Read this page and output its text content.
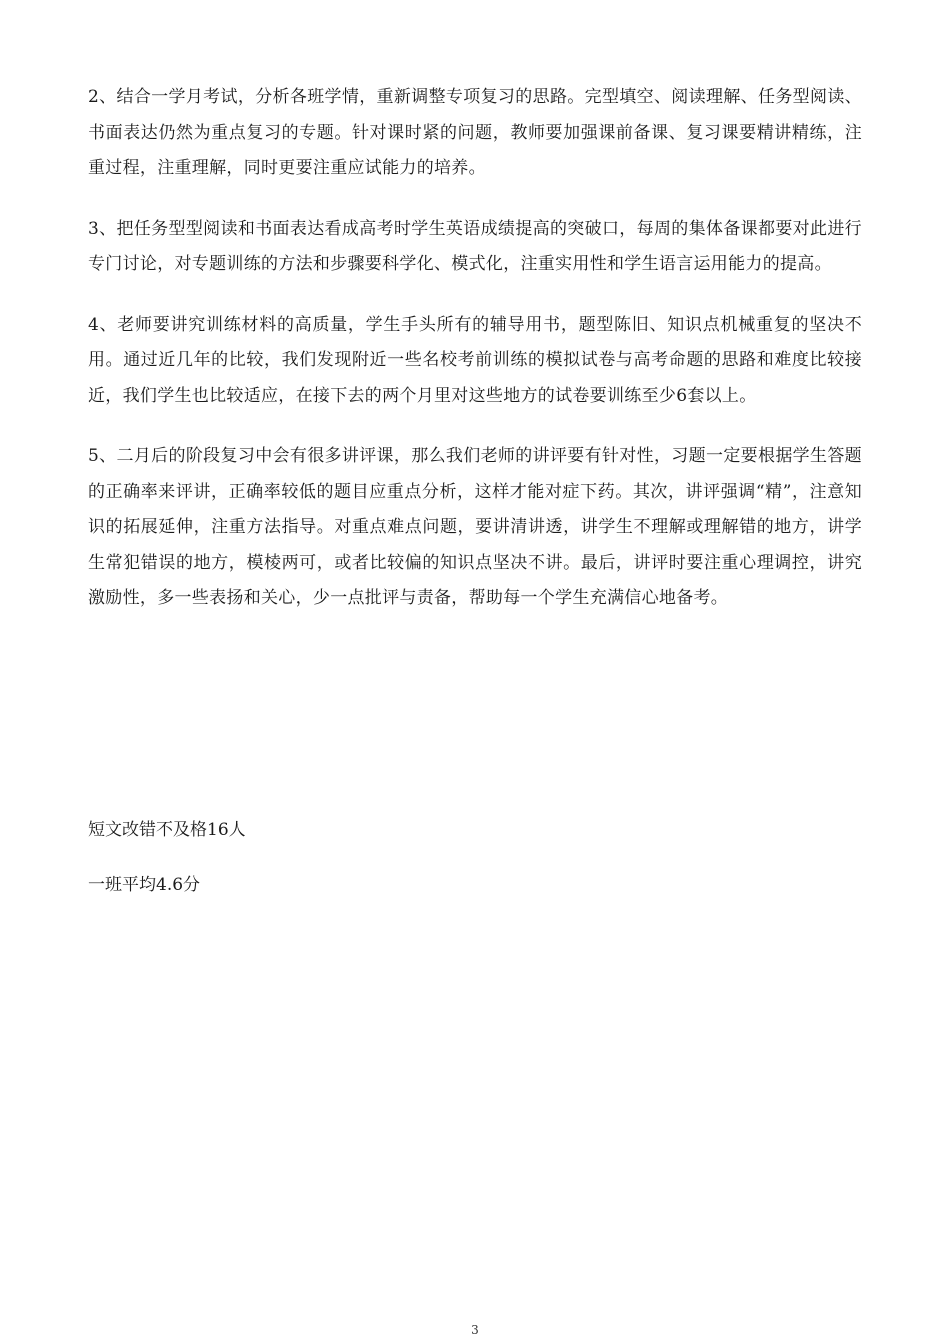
2、结合一学月考试，分析各班学情，重新调整专项复习的思路。完型填空、阅读理解、任务型阅读、书面表达仍然为重点复习的专题。针对课时紧的问题，教师要加强课前备课、复习课要精讲精练，注重过程，注重理解，同时更要注重应试能力的培养。

3、把任务型型阅读和书面表达看成高考时学生英语成绩提高的突破口，每周的集体备课都要对此进行专门讨论，对专题训练的方法和步骤要科学化、模式化，注重实用性和学生语言运用能力的提高。

4、老师要讲究训练材料的高质量，学生手头所有的辅导用书，题型陈旧、知识点机械重复的坚决不用。通过近几年的比较，我们发现附近一些名校考前训练的模拟试卷与高考命题的思路和难度比较接近，我们学生也比较适应，在接下去的两个月里对这些地方的试卷要训练至少6套以上。

5、二月后的阶段复习中会有很多讲评课，那么我们老师的讲评要有针对性，习题一定要根据学生答题的正确率来评讲，正确率较低的题目应重点分析，这样才能对症下药。其次，讲评强调“精”，注意知识的拓展延伸，注重方法指导。对重点难点问题，要讲清讲透，讲学生不理解或理解错的地方，讲学生常犯错误的地方，模棱两可，或者比较偏的知识点坚决不讲。最后，讲评时要注重心理调控，讲究激励性，多一些表扬和关心，少一点批评与责备，帮助每一个学生充满信心地备考。

短文改错不及格16人

一班平均4.6分

3
